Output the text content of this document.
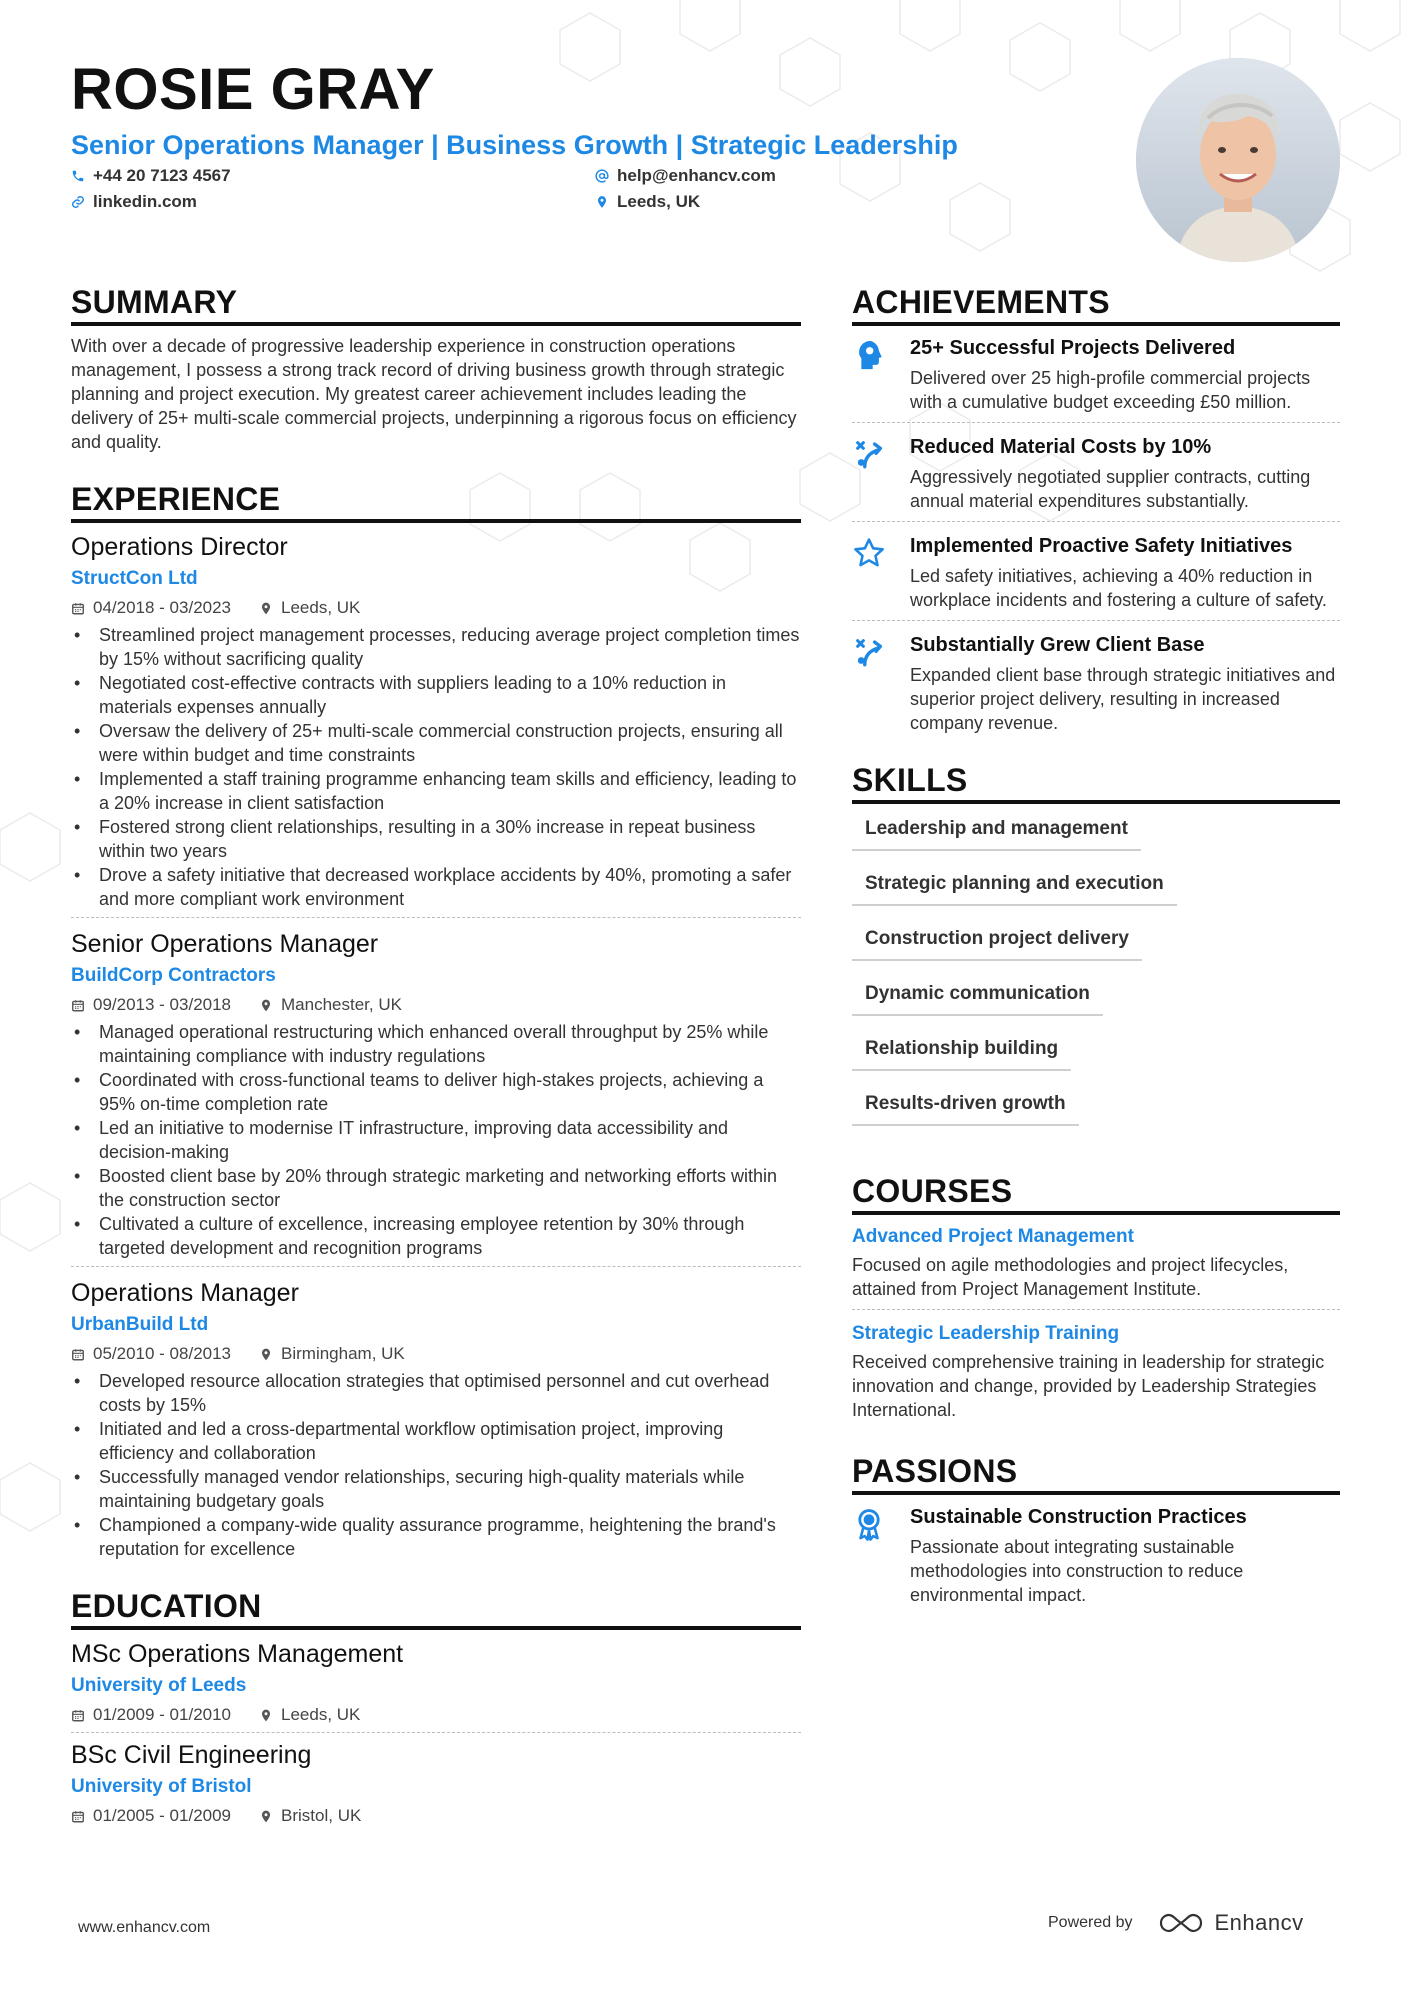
ROSIE GRAY
Senior Operations Manager | Business Growth | Strategic Leadership
+44 20 7123 4567	help@enhancv.com
linkedin.com	Leeds, UK
SUMMARY
With over a decade of progressive leadership experience in construction operations management, I possess a strong track record of driving business growth through strategic planning and project execution. My greatest career achievement includes leading the delivery of 25+ multi-scale commercial projects, underpinning a rigorous focus on efficiency and quality.
EXPERIENCE
Operations Director
StructCon Ltd
04/2018 - 03/2023	Leeds, UK
• Streamlined project management processes, reducing average project completion times by 15% without sacrificing quality
• Negotiated cost-effective contracts with suppliers leading to a 10% reduction in materials expenses annually
• Oversaw the delivery of 25+ multi-scale commercial construction projects, ensuring all were within budget and time constraints
• Implemented a staff training programme enhancing team skills and efficiency, leading to a 20% increase in client satisfaction
• Fostered strong client relationships, resulting in a 30% increase in repeat business within two years
• Drove a safety initiative that decreased workplace accidents by 40%, promoting a safer and more compliant work environment
Senior Operations Manager
BuildCorp Contractors
09/2013 - 03/2018	Manchester, UK
• Managed operational restructuring which enhanced overall throughput by 25% while maintaining compliance with industry regulations
• Coordinated with cross-functional teams to deliver high-stakes projects, achieving a 95% on-time completion rate
• Led an initiative to modernise IT infrastructure, improving data accessibility and decision-making
• Boosted client base by 20% through strategic marketing and networking efforts within the construction sector
• Cultivated a culture of excellence, increasing employee retention by 30% through targeted development and recognition programs
Operations Manager
UrbanBuild Ltd
05/2010 - 08/2013	Birmingham, UK
• Developed resource allocation strategies that optimised personnel and cut overhead costs by 15%
• Initiated and led a cross-departmental workflow optimisation project, improving efficiency and collaboration
• Successfully managed vendor relationships, securing high-quality materials while maintaining budgetary goals
• Championed a company-wide quality assurance programme, heightening the brand's reputation for excellence
EDUCATION
MSc Operations Management
University of Leeds
01/2009 - 01/2010	Leeds, UK
BSc Civil Engineering
University of Bristol
01/2005 - 01/2009	Bristol, UK
ACHIEVEMENTS
25+ Successful Projects Delivered
Delivered over 25 high-profile commercial projects with a cumulative budget exceeding £50 million.
Reduced Material Costs by 10%
Aggressively negotiated supplier contracts, cutting annual material expenditures substantially.
Implemented Proactive Safety Initiatives
Led safety initiatives, achieving a 40% reduction in workplace incidents and fostering a culture of safety.
Substantially Grew Client Base
Expanded client base through strategic initiatives and superior project delivery, resulting in increased company revenue.
SKILLS
Leadership and management
Strategic planning and execution
Construction project delivery
Dynamic communication
Relationship building
Results-driven growth
COURSES
Advanced Project Management
Focused on agile methodologies and project lifecycles, attained from Project Management Institute.
Strategic Leadership Training
Received comprehensive training in leadership for strategic innovation and change, provided by Leadership Strategies International.
PASSIONS
Sustainable Construction Practices
Passionate about integrating sustainable methodologies into construction to reduce environmental impact.
www.enhancv.com	Powered by	Enhancv
